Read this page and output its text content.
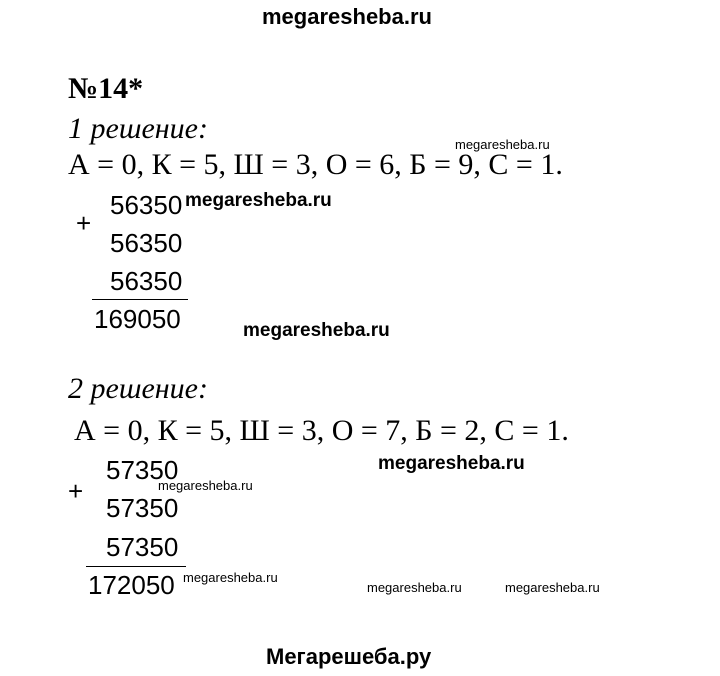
megaresheba.ru
№14*
1 решение:	megaresheba.ru
А = 0, К = 5, Ш = 3, О = 6, Б = 9, С = 1.
+
56350 megaresheba.ru
56350
56350
169050	megaresheba.ru
2 решение:
А = 0, К = 5, Ш = 3, О = 7, Б = 2, С = 1.
megaresheba.ru
57350
megaresheba.ru
+
57350
57350
172050 megaresheba.ru
megaresheba.ru	megaresheba.ru
Мегарешеба.ру
